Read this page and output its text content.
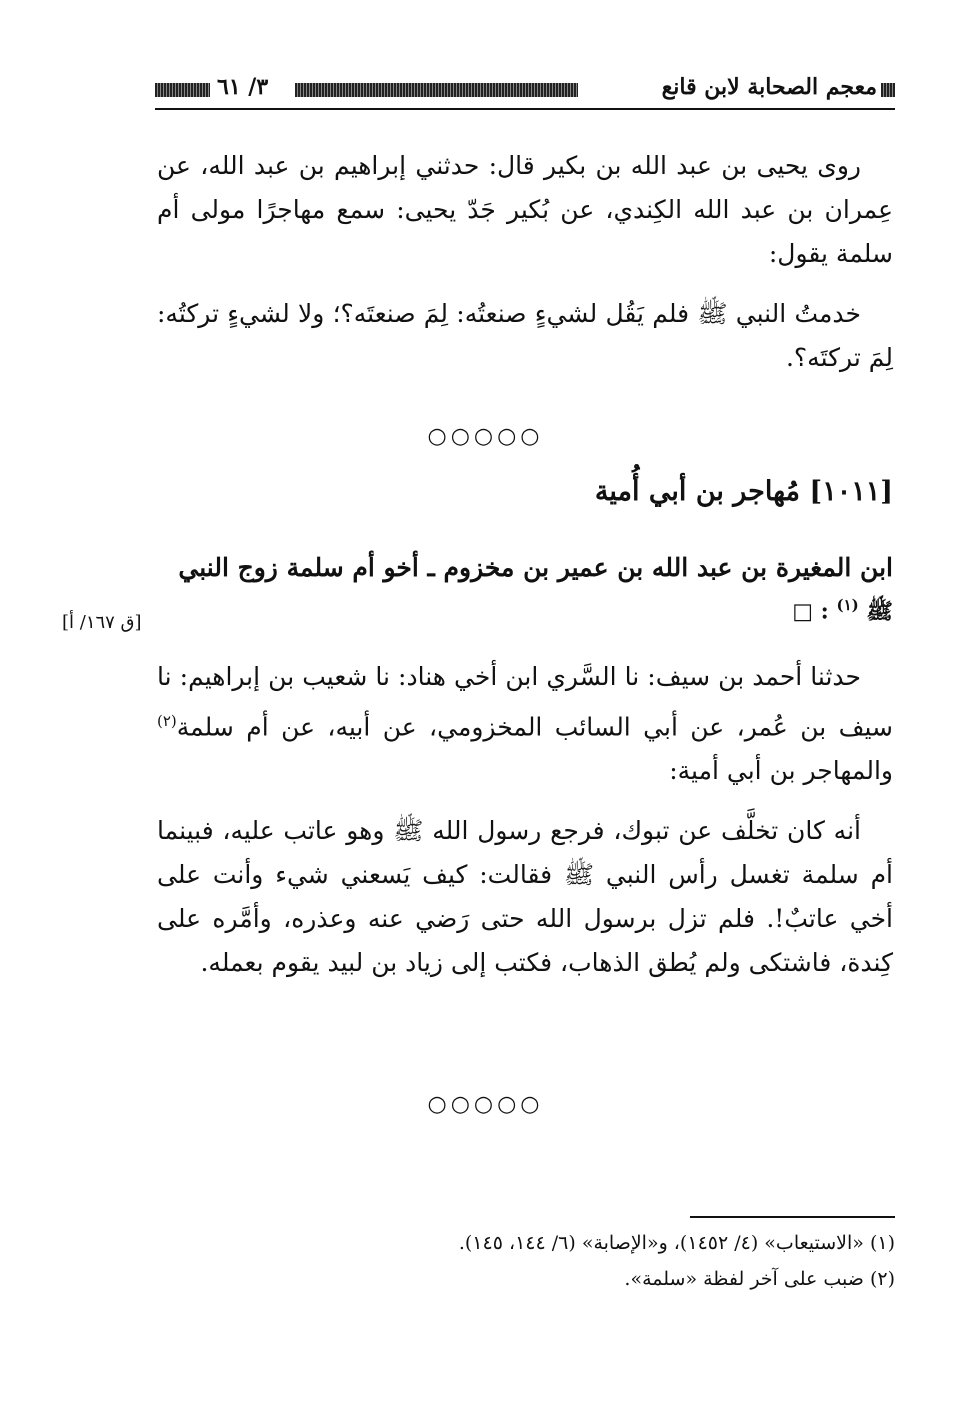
معجم الصحابة لابن قانع
٣/ ٦١

روى يحيى بن عبد الله بن بكير قال: حدثني إبراهيم بن عبد الله، عن عِمران بن عبد الله الكِندي، عن بُكير جَدّ يحيى: سمع مهاجرًا مولى أم سلمة يقول:

خدمتُ النبي ﷺ فلم يَقُل لشيءٍ صنعتُه: لِمَ صنعتَه؟؛ ولا لشيءٍ تركتُه: لِمَ تركتَه؟.

○○○○○
[١٠١١] مُهاجر بن أبي أُمية
ابن المغيرة بن عبد الله بن عمير بن مخزوم ـ أخو أم سلمة زوج النبي
ﷺ $^{(١)}$ : □
[ق ١٦٧/ أ]

حدثنا أحمد بن سيف: نا السَّري ابن أخي هناد: نا شعيب بن إبراهيم: نا سيف بن عُمر، عن أبي السائب المخزومي، عن أبيه، عن أم سلمة$^{(٢)}$ والمهاجر بن أبي أمية:

أنه كان تخلَّف عن تبوك، فرجع رسول الله ﷺ وهو عاتب عليه، فبينما أم سلمة تغسل رأس النبي ﷺ فقالت: كيف يَسعني شيء وأنت على أخي عاتبٌ!. فلم تزل برسول الله حتى رَضي عنه وعذره، وأمَّره على كِندة، فاشتكى ولم يُطق الذهاب، فكتب إلى زياد بن لبيد يقوم بعمله.

○○○○○
(١) «الاستيعاب» (٤/ ١٤٥٢)، و«الإصابة» (٦/ ١٤٤، ١٤٥).
(٢) ضبب على آخر لفظة «سلمة».
